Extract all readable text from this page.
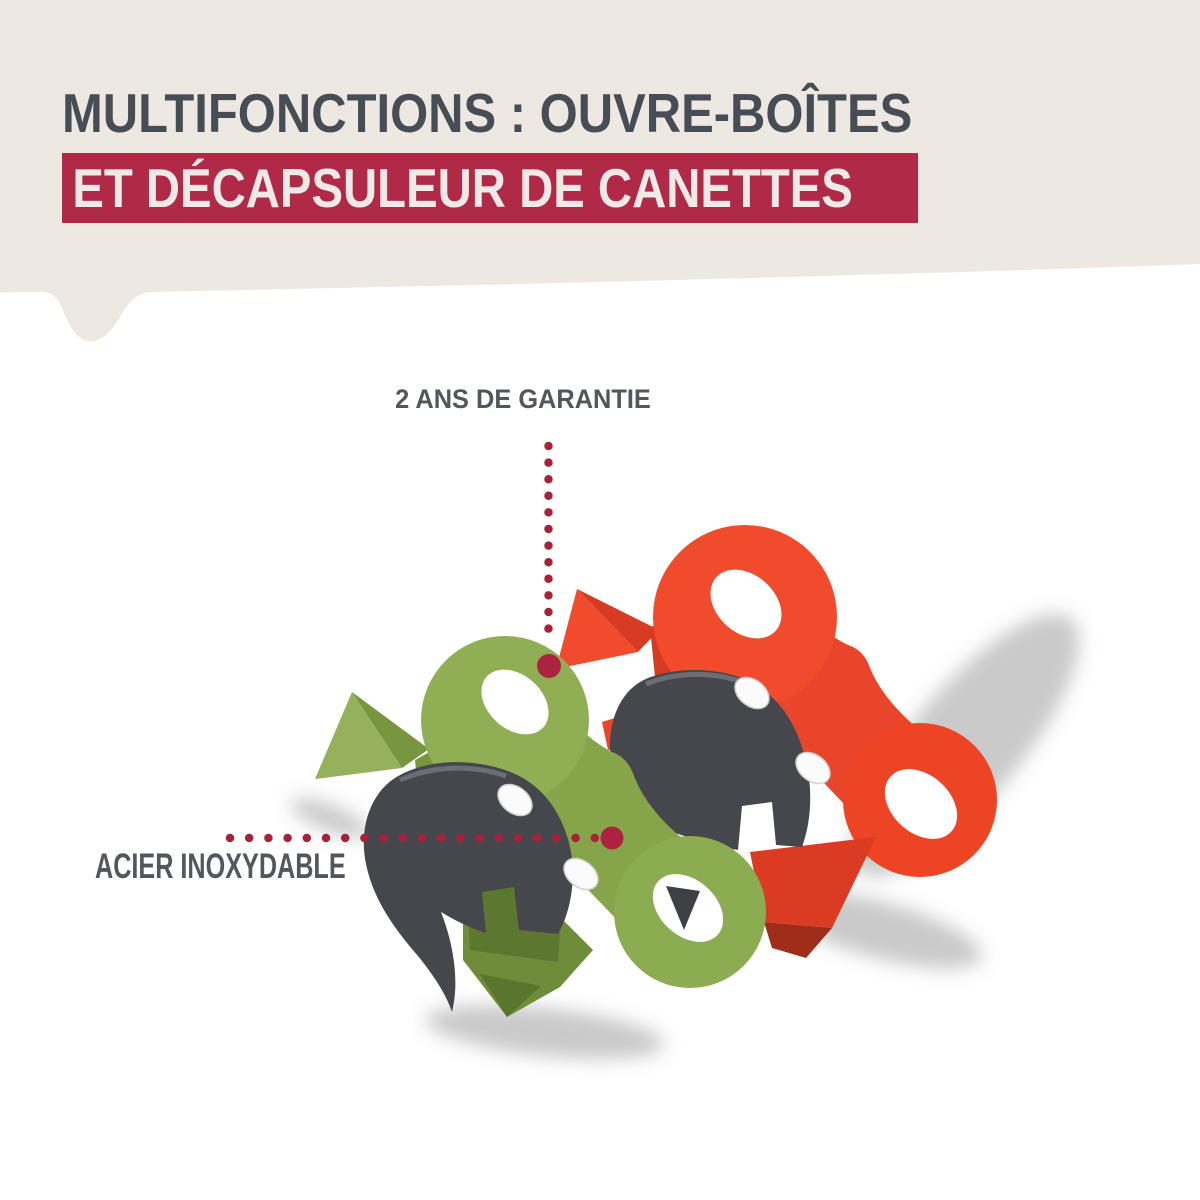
MULTIFONCTIONS : OUVRE-BOÎTES
ET DÉCAPSULEUR DE CANETTES
2 ANS DE GARANTIE
ACIER INOXYDABLE
